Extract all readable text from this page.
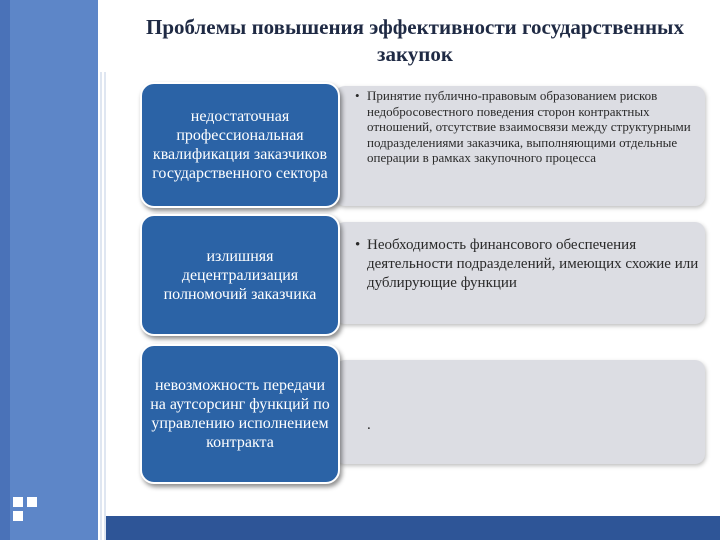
Проблемы повышения эффективности государственных закупок
• Принятие публично-правовым образованием рисков недобросовестного поведения сторон контрактных отношений, отсутствие взаимосвязи между структурными подразделениями заказчика, выполняющими отдельные операции в рамках закупочного процесса
недостаточная профессиональная квалификация заказчиков государственного сектора
• Необходимость финансового обеспечения деятельности подразделений, имеющих схожие или дублирующие функции
излишняя децентрализация полномочий заказчика
.
невозможность передачи на аутсорсинг функций по управлению исполнением контракта
